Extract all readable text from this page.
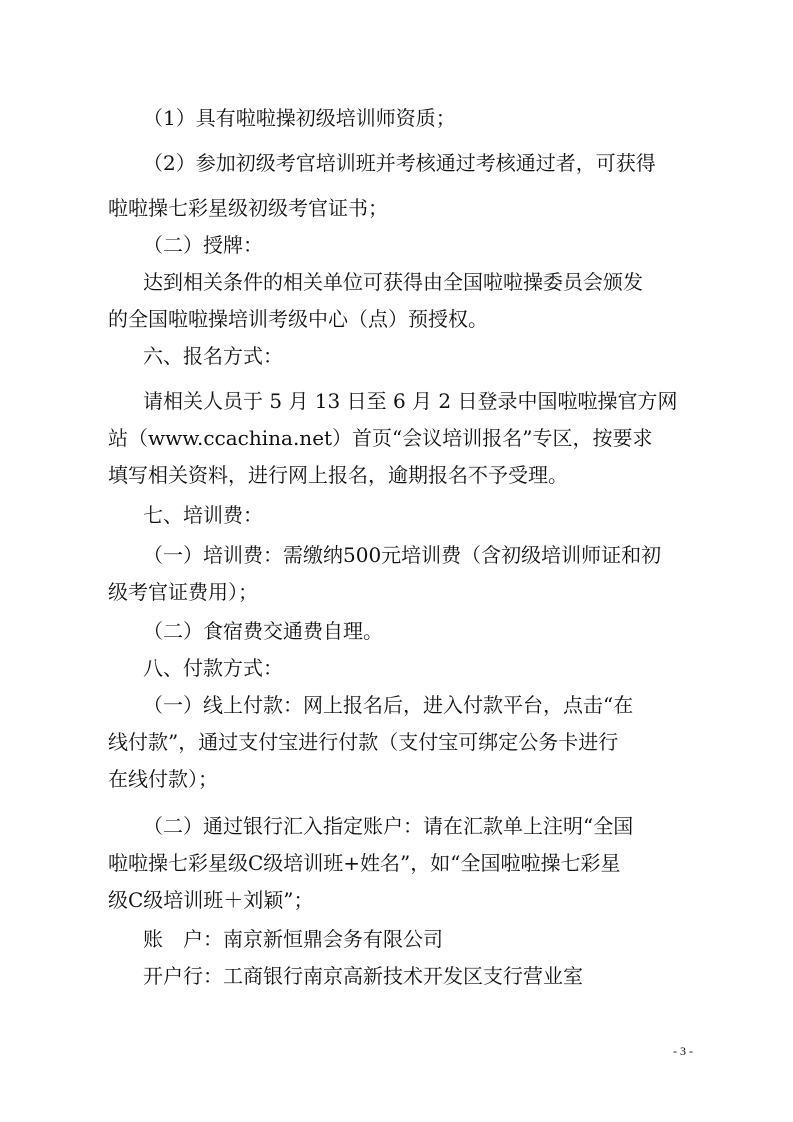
（1）具有啦啦操初级培训师资质；
（2）参加初级考官培训班并考核通过考核通过者，可获得
啦啦操七彩星级初级考官证书；
（二）授牌：
达到相关条件的相关单位可获得由全国啦啦操委员会颁发
的全国啦啦操培训考级中心（点）预授权。
六、报名方式：
请相关人员于 5 月 13 日至 6 月 2 日登录中国啦啦操官方网
站（www.ccachina.net）首页“会议培训报名”专区，按要求
填写相关资料，进行网上报名，逾期报名不予受理。
七、培训费：
（一）培训费：需缴纳500元培训费（含初级培训师证和初
级考官证费用）；
（二）食宿费交通费自理。
八、付款方式：
（一）线上付款：网上报名后，进入付款平台，点击“在
线付款”，通过支付宝进行付款（支付宝可绑定公务卡进行
在线付款）；
（二）通过银行汇入指定账户：请在汇款单上注明“全国
啦啦操七彩星级C级培训班+姓名”，如“全国啦啦操七彩星
级C级培训班＋刘颖”；
账　户：南京新恒鼎会务有限公司
开户行：工商银行南京高新技术开发区支行营业室
- 3 -
